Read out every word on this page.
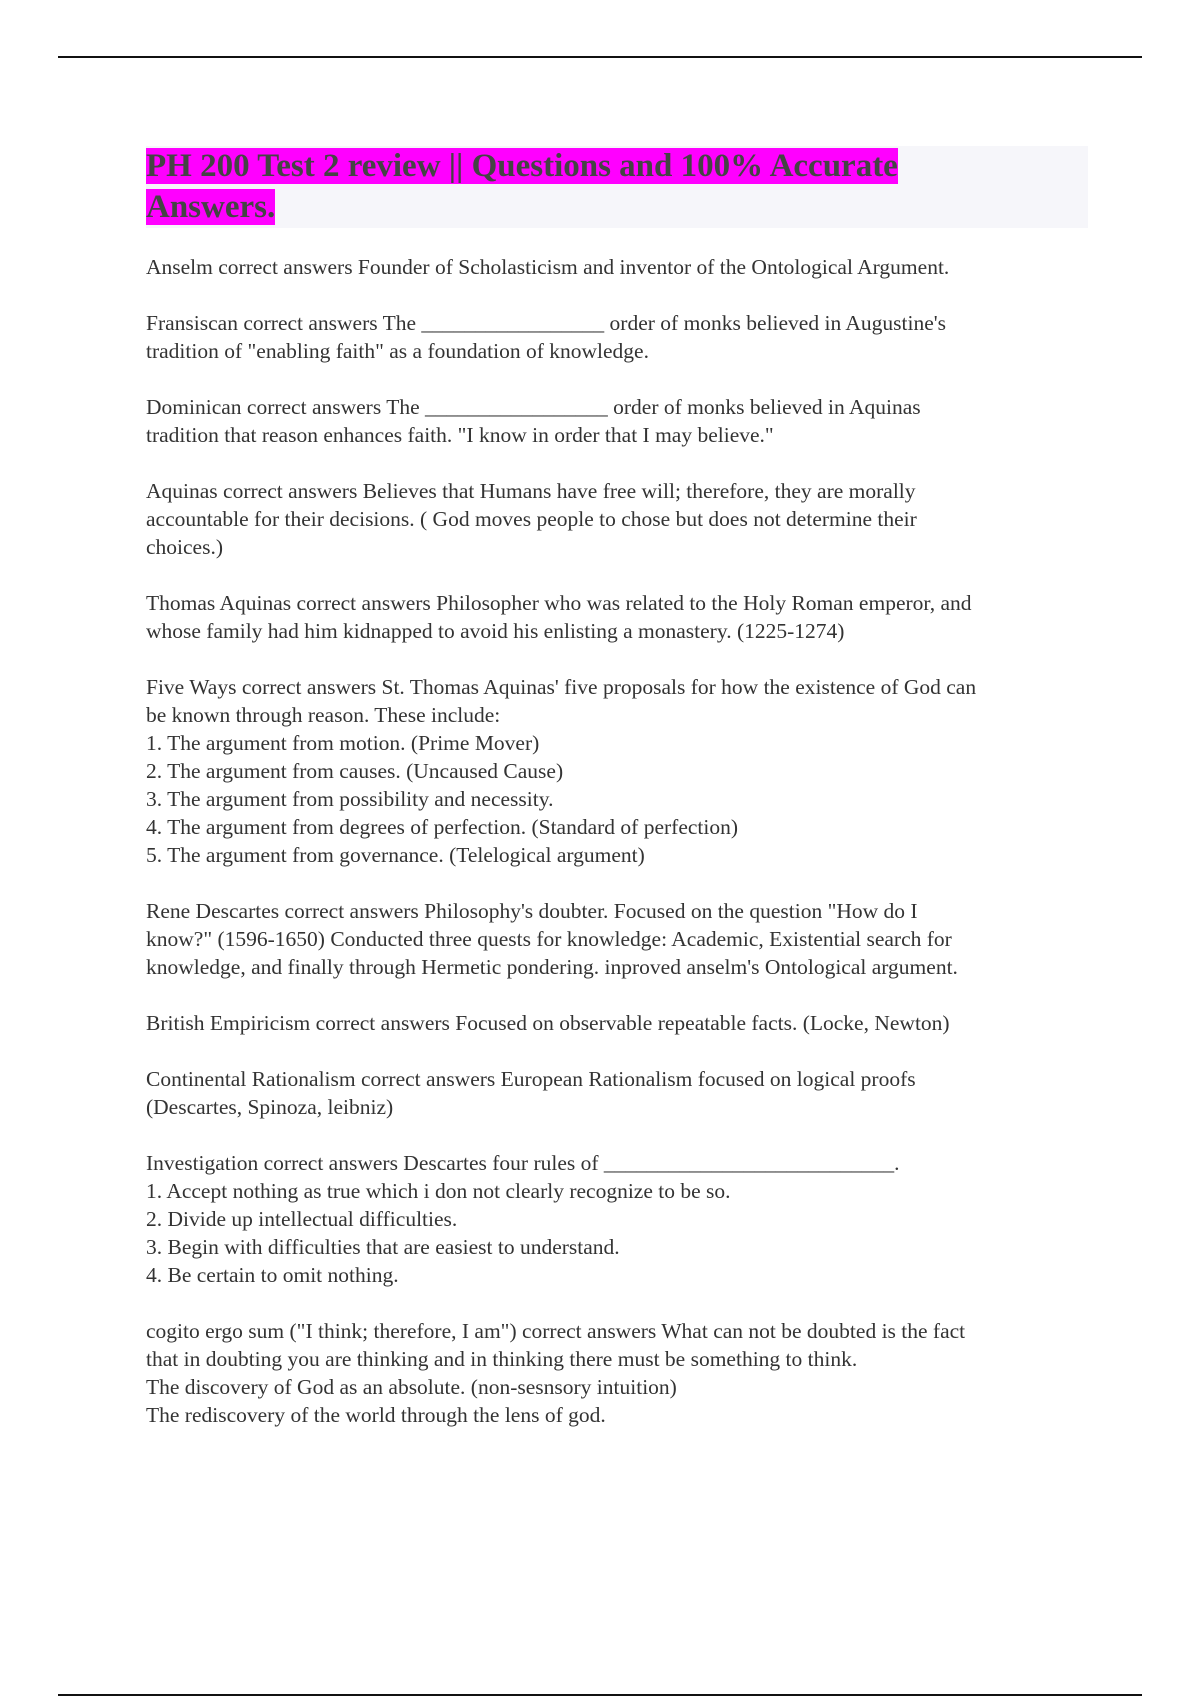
PH 200 Test 2 review || Questions and 100% Accurate Answers.
Anselm correct answers Founder of Scholasticism and inventor of the Ontological Argument.
Fransiscan correct answers The _________________ order of monks believed in Augustine's
tradition of "enabling faith" as a foundation of knowledge.
Dominican correct answers The _________________ order of monks believed in Aquinas
tradition that reason enhances faith. "I know in order that I may believe."
Aquinas correct answers Believes that Humans have free will; therefore, they are morally
accountable for their decisions. ( God moves people to chose but does not determine their
choices.)
Thomas Aquinas correct answers Philosopher who was related to the Holy Roman emperor, and
whose family had him kidnapped to avoid his enlisting a monastery. (1225-1274)
Five Ways correct answers St. Thomas Aquinas' five proposals for how the existence of God can
be known through reason. These include:
1. The argument from motion. (Prime Mover)
2. The argument from causes. (Uncaused Cause)
3. The argument from possibility and necessity.
4. The argument from degrees of perfection. (Standard of perfection)
5. The argument from governance. (Telelogical argument)
Rene Descartes correct answers Philosophy's doubter. Focused on the question "How do I
know?" (1596-1650) Conducted three quests for knowledge: Academic, Existential search for
knowledge, and finally through Hermetic pondering. inproved anselm's Ontological argument.
British Empiricism correct answers Focused on observable repeatable facts. (Locke, Newton)
Continental Rationalism correct answers European Rationalism focused on logical proofs
(Descartes, Spinoza, leibniz)
Investigation correct answers Descartes four rules of ___________________________.
1. Accept nothing as true which i don not clearly recognize to be so.
2. Divide up intellectual difficulties.
3. Begin with difficulties that are easiest to understand.
4. Be certain to omit nothing.
cogito ergo sum ("I think; therefore, I am") correct answers What can not be doubted is the fact
that in doubting you are thinking and in thinking there must be something to think.
The discovery of God as an absolute. (non-sesnsory intuition)
The rediscovery of the world through the lens of god.
